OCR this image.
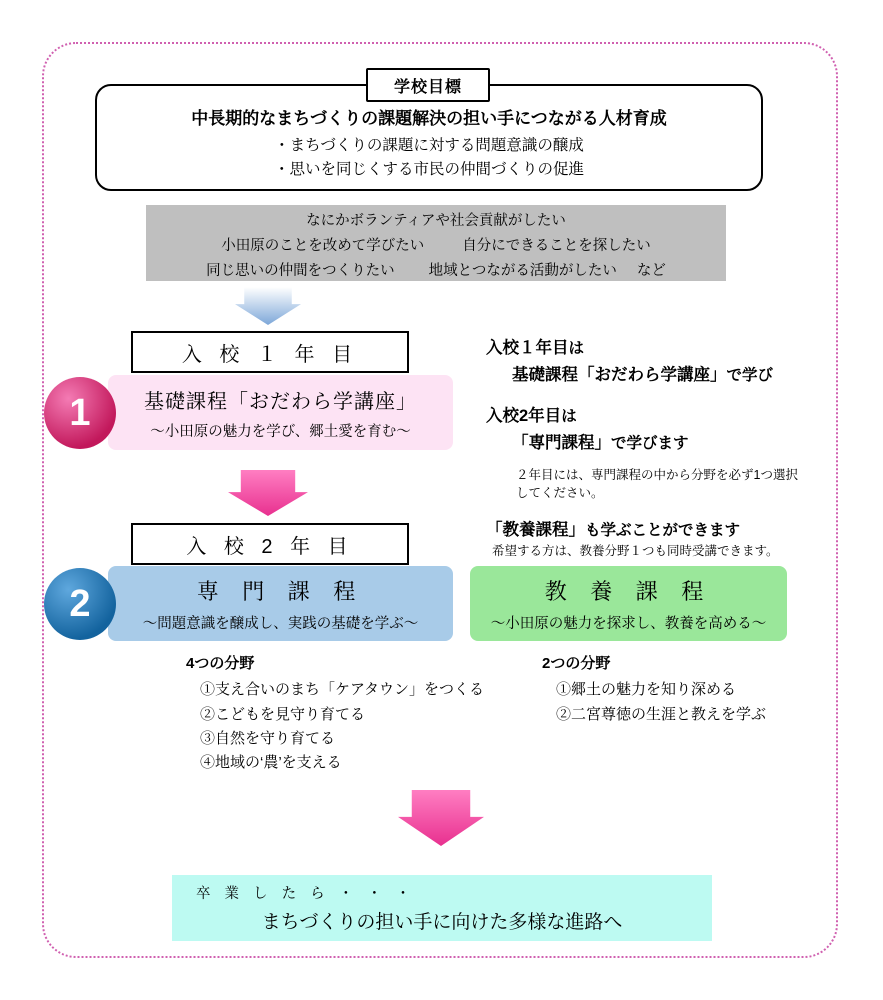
学校目標
中長期的なまちづくりの課題解決の担い手につながる人材育成
・まちづくりの課題に対する問題意識の醸成
・思いを同じくする市民の仲間づくりの促進
なにかボランティアや社会貢献がしたい
小田原のことを改めて学びたい	自分にできることを探したい
同じ思いの仲間をつくりたい 地域とつながる活動がしたい など
入 校 １ 年 目
1	基礎課程「おだわら学講座」
～小田原の魅力を学び、郷土愛を育む～
入 校 2 年 目
2	専 門 課 程
～問題意識を醸成し、実践の基礎を学ぶ～
教 養 課 程
～小田原の魅力を探求し、教養を高める～
入校１年目は
基礎課程「おだわら学講座」で学び
入校2年目は
「専門課程」で学びます
２年目には、専門課程の中から分野を必ず1つ選択
してください。
「教養課程」も学ぶことができます
希望する方は、教養分野１つも同時受講できます。
4つの分野
①支え合いのまち「ケアタウン」をつくる
②こどもを見守り育てる
③自然を守り育てる
④地域の‘農’を支える
2つの分野
①郷土の魅力を知り深める
②二宮尊徳の生涯と教えを学ぶ
卒 業 し た ら ・ ・ ・
まちづくりの担い手に向けた多様な進路へ
